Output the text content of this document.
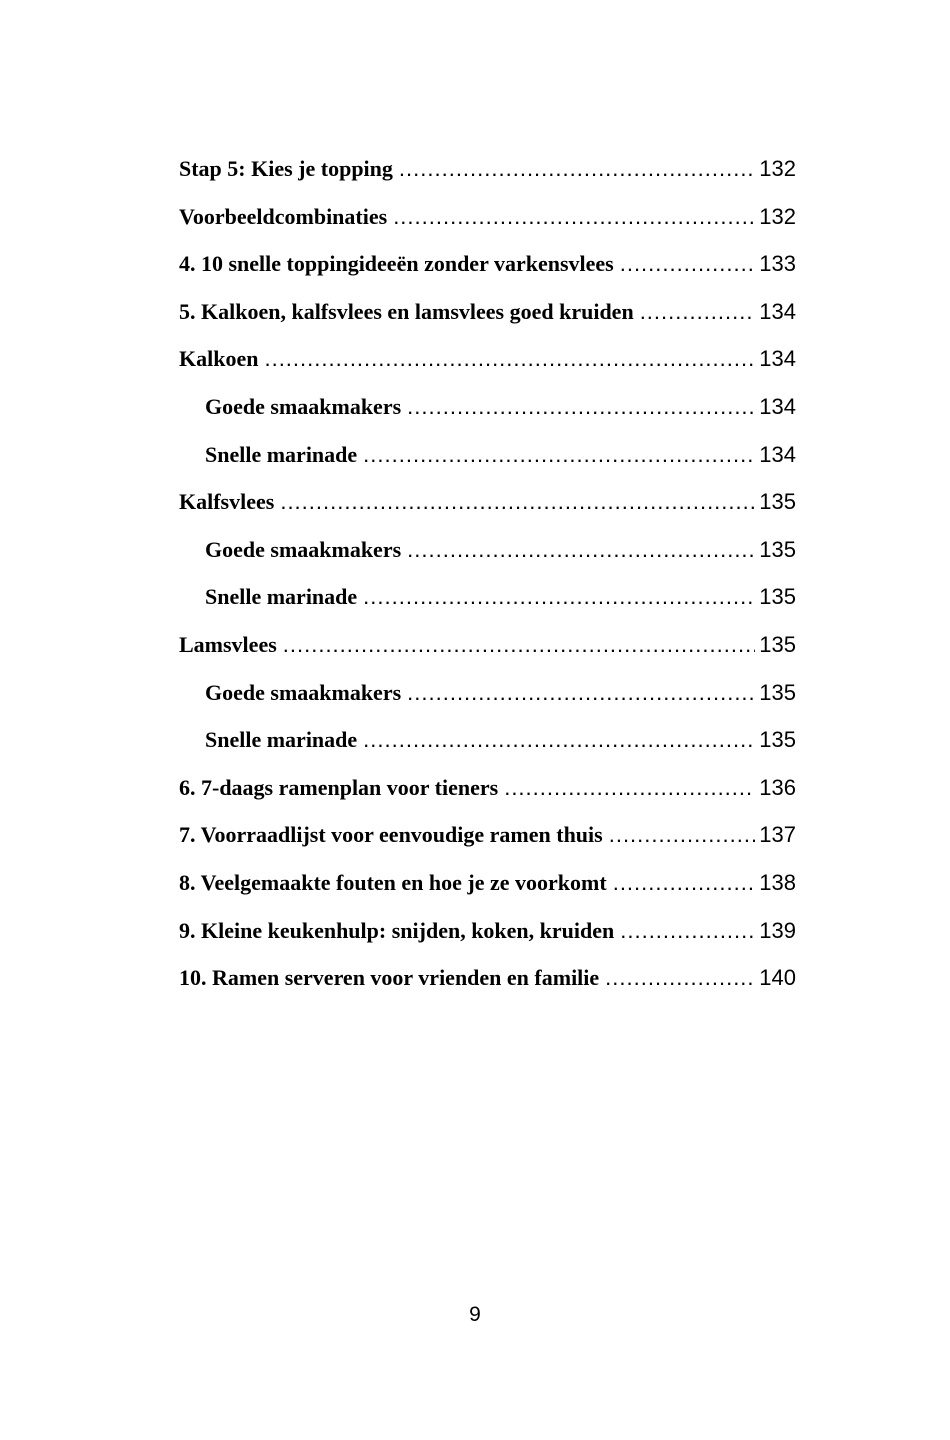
Stap 5: Kies je topping .....	132
Voorbeeldcombinaties .....	132
4. 10 snelle toppingideeën zonder varkensvlees .....	133
5. Kalkoen, kalfsvlees en lamsvlees goed kruiden .....	134
Kalkoen .....	134
Goede smaakmakers .....	134
Snelle marinade .....	134
Kalfsvlees .....	135
Goede smaakmakers .....	135
Snelle marinade .....	135
Lamsvlees .....	135
Goede smaakmakers .....	135
Snelle marinade .....	135
6. 7-daags ramenplan voor tieners .....	136
7. Voorraadlijst voor eenvoudige ramen thuis .....	137
8. Veelgemaakte fouten en hoe je ze voorkomt .....	138
9. Kleine keukenhulp: snijden, koken, kruiden .....	139
10. Ramen serveren voor vrienden en familie .....	140
9
